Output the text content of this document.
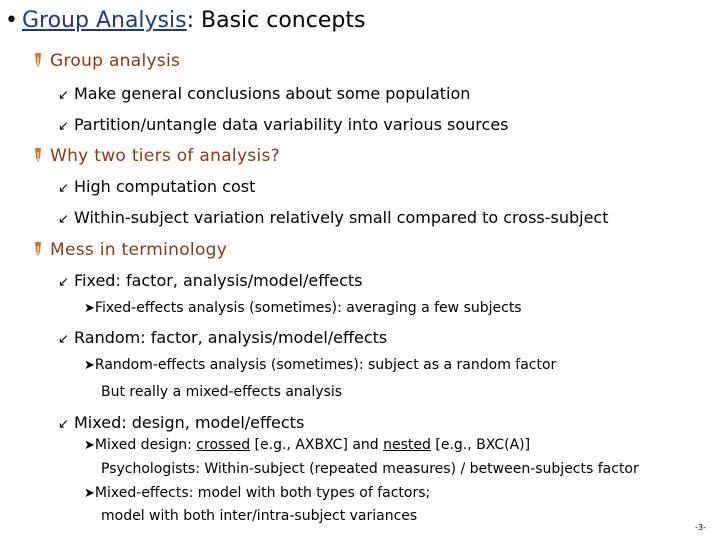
• Group Analysis: Basic concepts
Group analysis
↙ Make general conclusions about some population
↙ Partition/untangle data variability into various sources
Why two tiers of analysis?
↙ High computation cost
↙ Within-subject variation relatively small compared to cross-subject
Mess in terminology
↙ Fixed: factor, analysis/model/effects
➤Fixed-effects analysis (sometimes): averaging a few subjects
↙ Random: factor, analysis/model/effects
➤Random-effects analysis (sometimes): subject as a random factor
But really a mixed-effects analysis
↙ Mixed: design, model/effects
➤Mixed design: crossed [e.g., AXBXC] and nested [e.g., BXC(A)]
Psychologists: Within-subject (repeated measures) / between-subjects factor
➤Mixed-effects: model with both types of factors;
model with both inter/intra-subject variances
-3-
